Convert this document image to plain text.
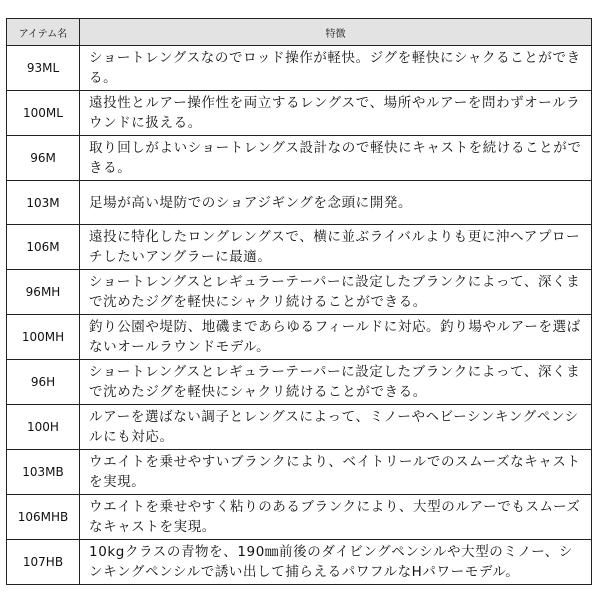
アイテム名	特徴
93ML	ショートレングスなのでロッド操作が軽快。ジグを軽快にシャクることができる。
100ML	遠投性とルアー操作性を両立するレングスで、場所やルアーを問わずオールラウンドに扱える。
96M	取り回しがよいショートレングス設計なので軽快にキャストを続けることができる。
103M	足場が高い堤防でのショアジギングを念頭に開発。
106M	遠投に特化したロングレングスで、横に並ぶライバルよりも更に沖へアプローチしたいアングラーに最適。
96MH	ショートレングスとレギュラーテーパーに設定したブランクによって、深くまで沈めたジグを軽快にシャクリ続けることができる。
100MH	釣り公園や堤防、地磯まであらゆるフィールドに対応。釣り場やルアーを選ばないオールラウンドモデル。
96H	ショートレングスとレギュラーテーパーに設定したブランクによって、深くまで沈めたジグを軽快にシャクリ続けることができる。
100H	ルアーを選ばない調子とレングスによって、ミノーやヘビーシンキングペンシルにも対応。
103MB	ウエイトを乗せやすいブランクにより、ベイトリールでのスムーズなキャストを実現。
106MHB	ウエイトを乗せやすく粘りのあるブランクにより、大型のルアーでもスムーズなキャストを実現。
107HB	10kgクラスの青物を、190㎜前後のダイビングペンシルや大型のミノー、シンキングペンシルで誘い出して捕らえるパワフルなHパワーモデル。
